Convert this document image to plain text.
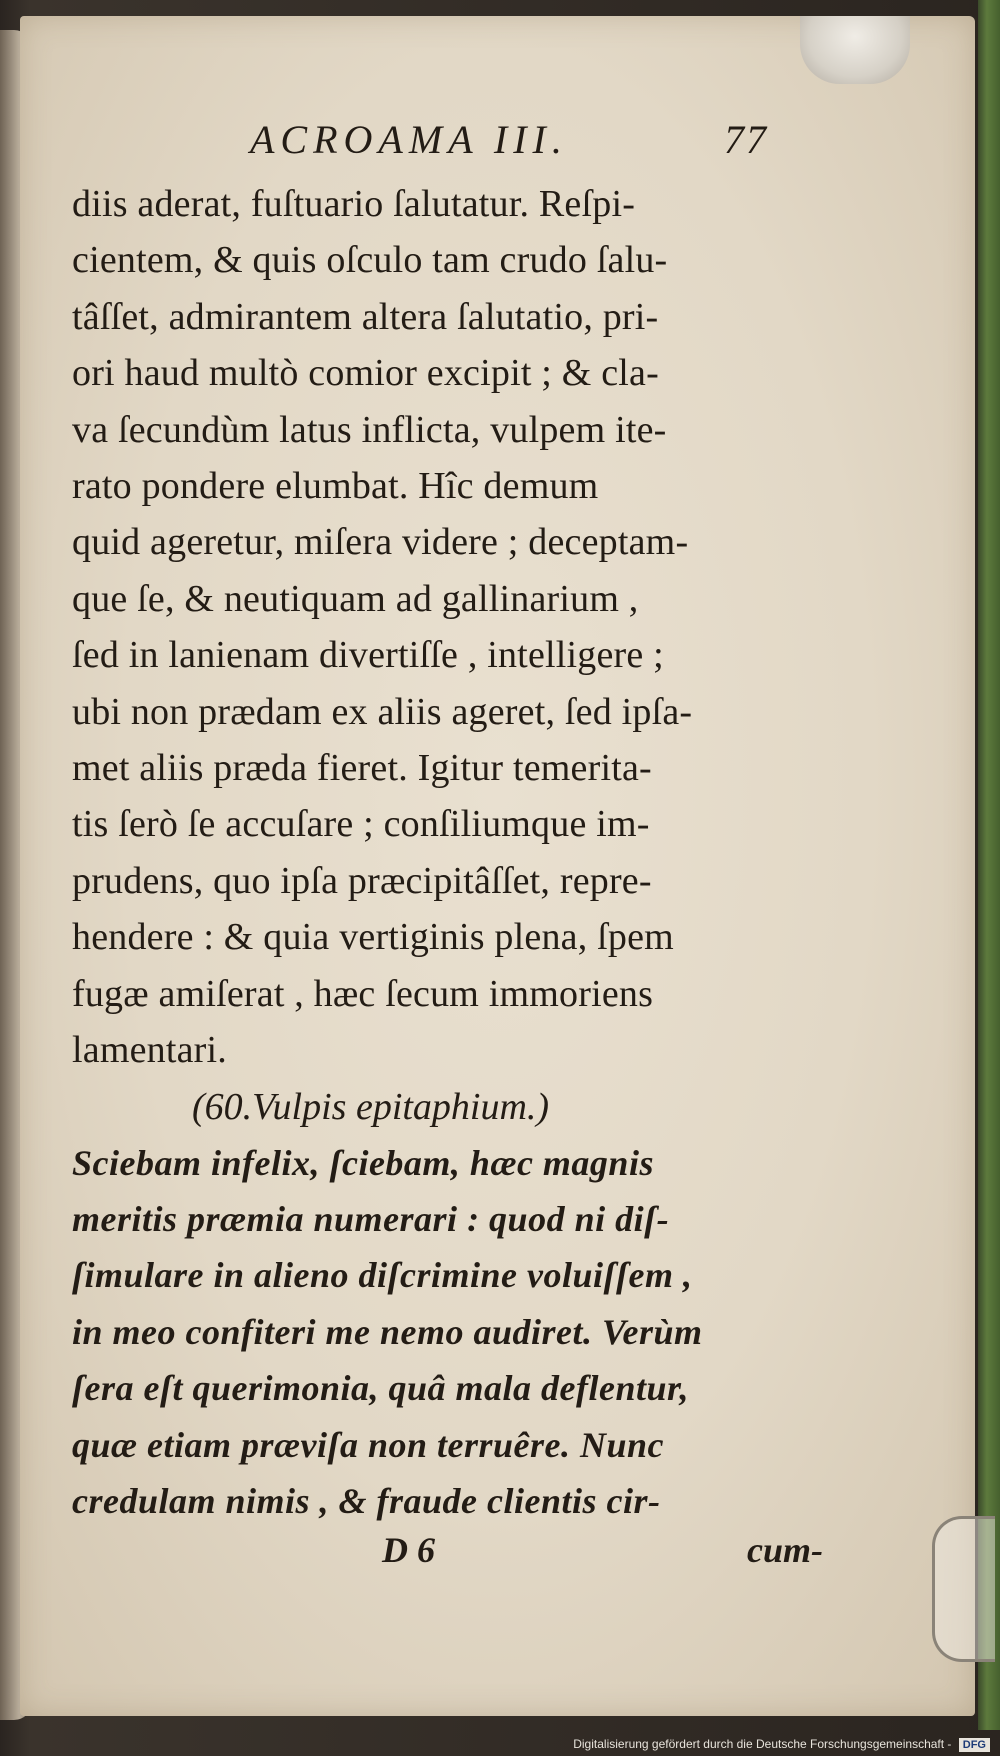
ACROAMA III.	77

diis aderat, fuſtuario ſalutatur. Reſpi-

cientem, & quis oſculo tam crudo ſalu-

tâſſet, admirantem altera ſalutatio, pri-

ori haud multò comior excipit ; & cla-

va ſecundùm latus inflicta, vulpem ite-

rato pondere elumbat. Hîc demum

quid ageretur, miſera videre ; deceptam-

que ſe, & neutiquam ad gallinarium ,

ſed in lanienam divertiſſe , intelligere ;

ubi non prædam ex aliis ageret, ſed ipſa-

met aliis præda fieret. Igitur temerita-

tis ſerò ſe accuſare ; conſiliumque im-

prudens, quo ipſa præcipitâſſet, repre-

hendere : & quia vertiginis plena, ſpem

fugæ amiſerat , hæc ſecum immoriens

lamentari.

(60.Vulpis epitaphium.)

Sciebam infelix, ſciebam, hæc magnis

meritis præmia numerari : quod ni diſ-

ſimulare in alieno diſcrimine voluiſſem ,

in meo confiteri me nemo audiret. Verùm

ſera eſt querimonia, quâ mala deflentur,

quæ etiam præviſa non terruêre. Nunc

credulam nimis , & fraude clientis cir-

D 6	cum-
Digitalisierung gefördert durch die Deutsche Forschungsgemeinschaft - DFG
